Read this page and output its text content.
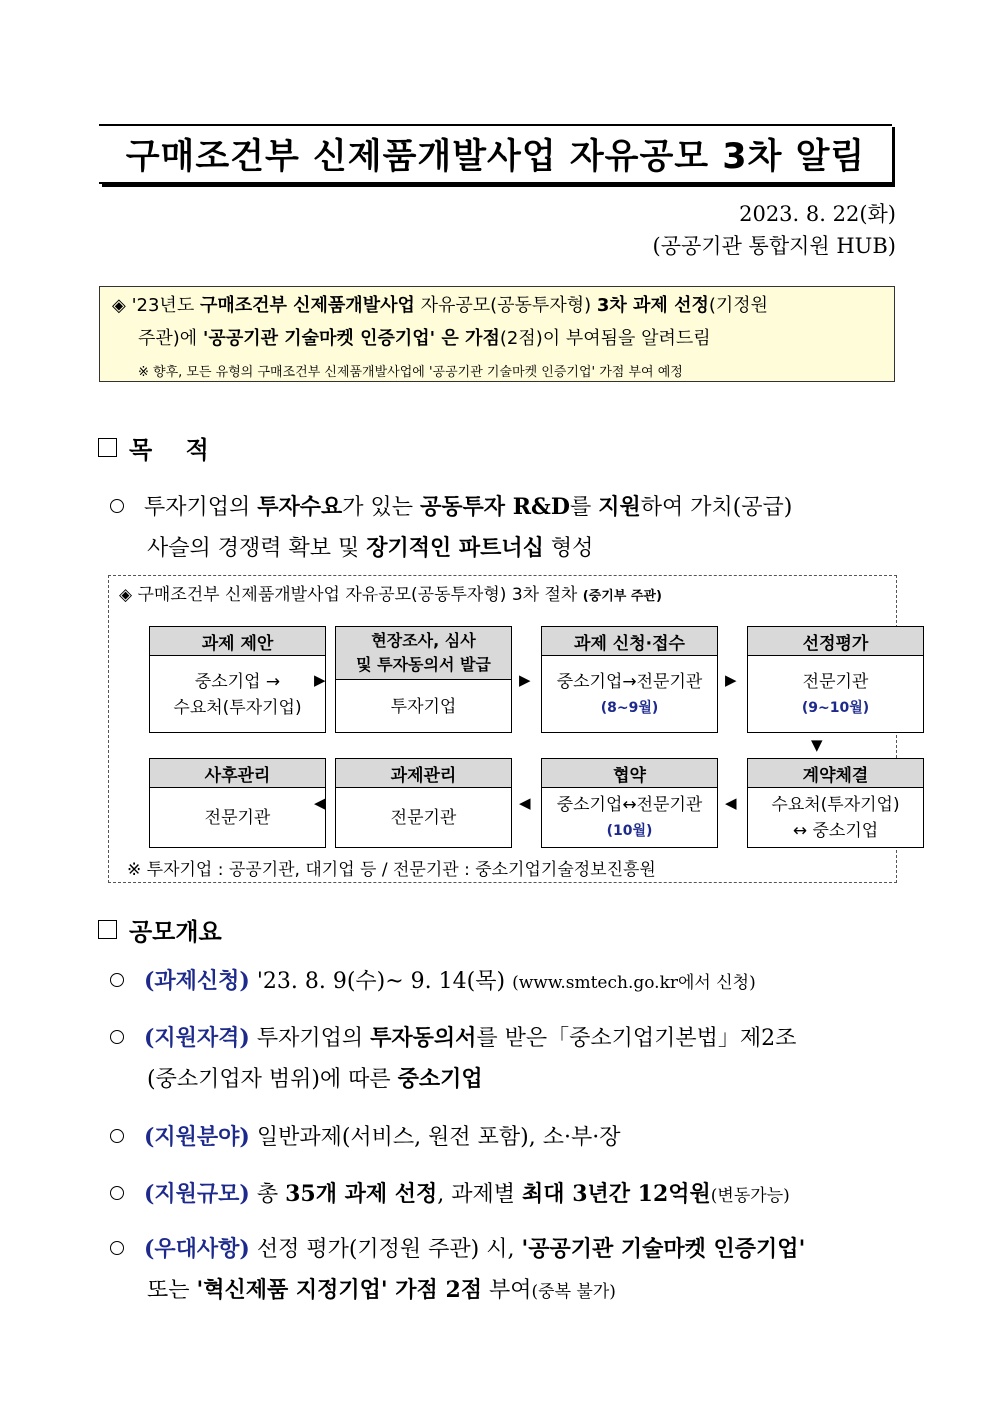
구매조건부 신제품개발사업 자유공모 3차 알림
2023. 8. 22(화)
(공공기관 통합지원 HUB)
◈ '23년도 구매조건부 신제품개발사업 자유공모(공동투자형) 3차 과제 선정(기정원
주관)에 '공공기관 기술마켓 인증기업' 은 가점(2점)이 부여됨을 알려드림
※ 향후, 모든 유형의 구매조건부 신제품개발사업에 '공공기관 기술마켓 인증기업' 가점 부여 예정
목    적
투자기업의 투자수요가 있는 공동투자 R&D를 지원하여 가치(공급)
사슬의 경쟁력 확보 및 장기적인 파트너십 형성
◈ 구매조건부 신제품개발사업 자유공모(공동투자형) 3차 절차 (중기부 주관)
과제 제안
중소기업 →
수요처(투자기업)
▶
현장조사, 심사
및 투자동의서 발급
투자기업
▶
과제 신청·접수
중소기업→전문기관
(8~9월)
▶
선정평가
전문기관
(9~10월)
▼
사후관리
전문기관
◀
과제관리
전문기관
◀
협약
중소기업↔전문기관
(10월)
◀
계약체결
수요처(투자기업)
↔ 중소기업
※ 투자기업 : 공공기관, 대기업 등 / 전문기관 : 중소기업기술정보진흥원
공모개요
(과제신청) '23. 8. 9(수)~ 9. 14(목) (www.smtech.go.kr에서 신청)
(지원자격) 투자기업의 투자동의서를 받은「중소기업기본법」제2조
(중소기업자 범위)에 따른 중소기업
(지원분야) 일반과제(서비스, 원전 포함), 소·부·장
(지원규모) 총 35개 과제 선정, 과제별 최대 3년간 12억원(변동가능)
(우대사항) 선정 평가(기정원 주관) 시, '공공기관 기술마켓 인증기업'
또는 '혁신제품 지정기업' 가점 2점 부여(중복 불가)
